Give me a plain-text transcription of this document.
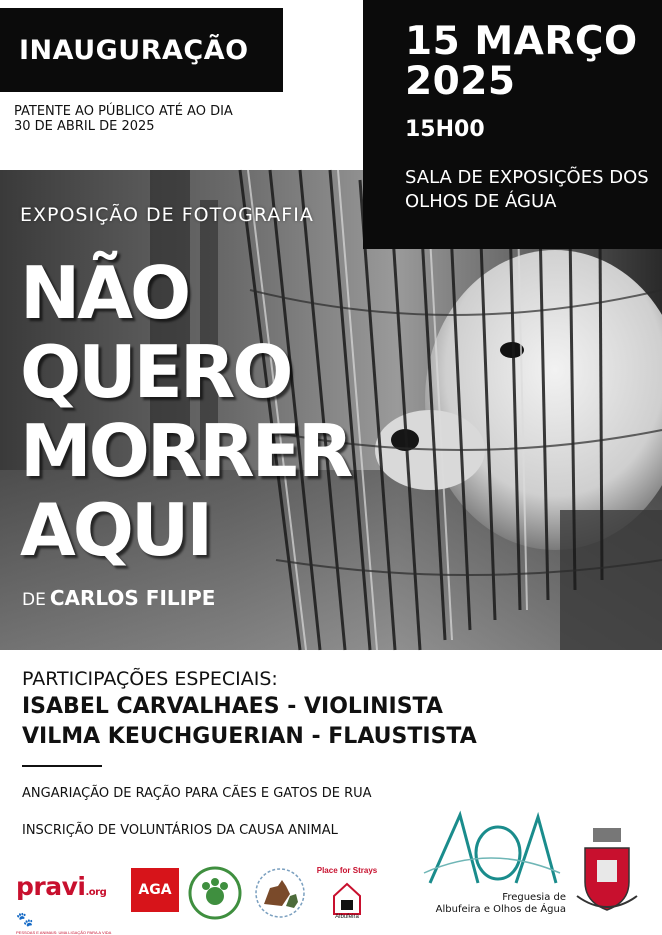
INAUGURAÇÃO
PATENTE AO PÚBLICO ATÉ AO DIA
30 DE ABRIL DE 2025
15 MARÇO
2025
15H00
SALA DE EXPOSIÇÕES DOS
OLHOS DE ÁGUA
EXPOSIÇÃO DE FOTOGRAFIA
NÃO
QUERO
MORRER
AQUI
DE CARLOS FILIPE
PARTICIPAÇÕES ESPECIAIS:
ISABEL CARVALHAES - VIOLINISTA
VILMA KEUCHGUERIAN - FLAUSTISTA
ANGARIAÇÃO DE RAÇÃO PARA CÃES E GATOS DE RUA
INSCRIÇÃO DE VOLUNTÁRIOS DA CAUSA ANIMAL
pravi.org🐾
PESSOAS E ANIMAIS: UMA LIGAÇÃO PARA A VIDA
AGA
Place for Strays
Albufeira
Freguesia de
Albufeira e Olhos de Água
